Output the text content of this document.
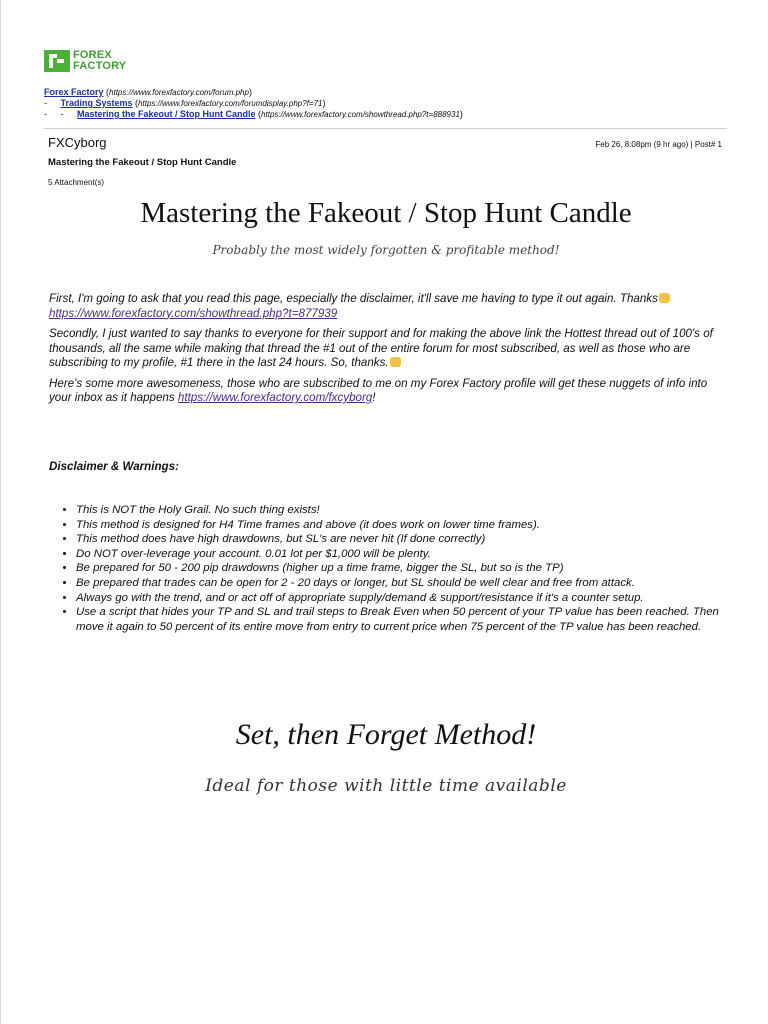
FOREX
FACTORY
Forex Factory (https://www.forexfactory.com/forum.php)
- Trading Systems (https://www.forexfactory.com/forumdisplay.php?f=71)
- - Mastering the Fakeout / Stop Hunt Candle (https://www.forexfactory.com/showthread.php?t=888931)
FXCyborg	Feb 26, 8:08pm (9 hr ago) | Post# 1
Mastering the Fakeout / Stop Hunt Candle
5 Attachment(s)
Mastering the Fakeout / Stop Hunt Candle
Probably the most widely forgotten & profitable method!

First, I'm going to ask that you read this page, especially the disclaimer, it'll save me having to type it out again. Thanks
https://www.forexfactory.com/showthread.php?t=877939

Secondly, I just wanted to say thanks to everyone for their support and for making the above link the Hottest thread out of 100's of thousands, all the same while making that thread the #1 out of the entire forum for most subscribed, as well as those who are subscribing to my profile, #1 there in the last 24 hours. So, thanks.

Here's some more awesomeness, those who are subscribed to me on my Forex Factory profile will get these nuggets of info into your inbox as it happens https://www.forexfactory.com/fxcyborg!

Disclaimer & Warnings:
• This is NOT the Holy Grail. No such thing exists!
• This method is designed for H4 Time frames and above (it does work on lower time frames).
• This method does have high drawdowns, but SL's are never hit (If done correctly)
• Do NOT over-leverage your account. 0.01 lot per $1,000 will be plenty.
• Be prepared for 50 - 200 pip drawdowns (higher up a time frame, bigger the SL, but so is the TP)
• Be prepared that trades can be open for 2 - 20 days or longer, but SL should be well clear and free from attack.
• Always go with the trend, and or act off of appropriate supply/demand & support/resistance if it's a counter setup.
• Use a script that hides your TP and SL and trail steps to Break Even when 50 percent of your TP value has been reached. Then move it again to 50 percent of its entire move from entry to current price when 75 percent of the TP value has been reached.
Set, then Forget Method!
Ideal for those with little time available
